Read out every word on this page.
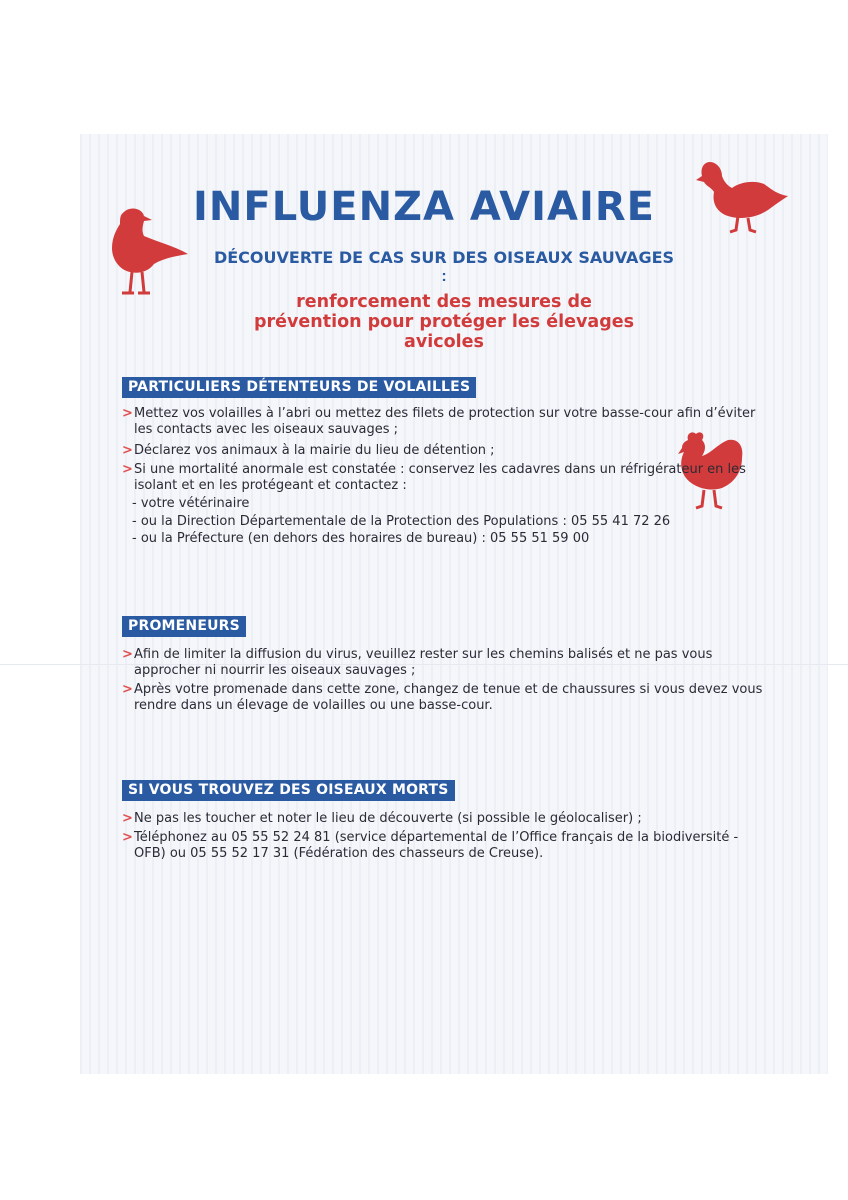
INFLUENZA AVIAIRE
DÉCOUVERTE DE CAS SUR DES OISEAUX SAUVAGES
:
renforcement des mesures de
prévention pour protéger les élevages
avicoles
PARTICULIERS DÉTENTEURS DE VOLAILLES
> Mettez vos volailles à l’abri ou mettez des filets de protection sur votre basse-cour afin d’éviter les contacts avec les oiseaux sauvages ;
> Déclarez vos animaux à la mairie du lieu de détention ;
> Si une mortalité anormale est constatée : conservez les cadavres dans un réfrigérateur en les isolant et en les protégeant et contactez :
- votre vétérinaire
- ou la Direction Départementale de la Protection des Populations : 05 55 41 72 26
- ou la Préfecture (en dehors des horaires de bureau) : 05 55 51 59 00
PROMENEURS
> Afin de limiter la diffusion du virus, veuillez rester sur les chemins balisés et ne pas vous approcher ni nourrir les oiseaux sauvages ;
> Après votre promenade dans cette zone, changez de tenue et de chaussures si vous devez vous rendre dans un élevage de volailles ou une basse-cour.
SI VOUS TROUVEZ DES OISEAUX MORTS
> Ne pas les toucher et noter le lieu de découverte (si possible le géolocaliser) ;
> Téléphonez au 05 55 52 24 81 (service départemental de l’Office français de la biodiversité - OFB) ou 05 55 52 17 31 (Fédération des chasseurs de Creuse).
